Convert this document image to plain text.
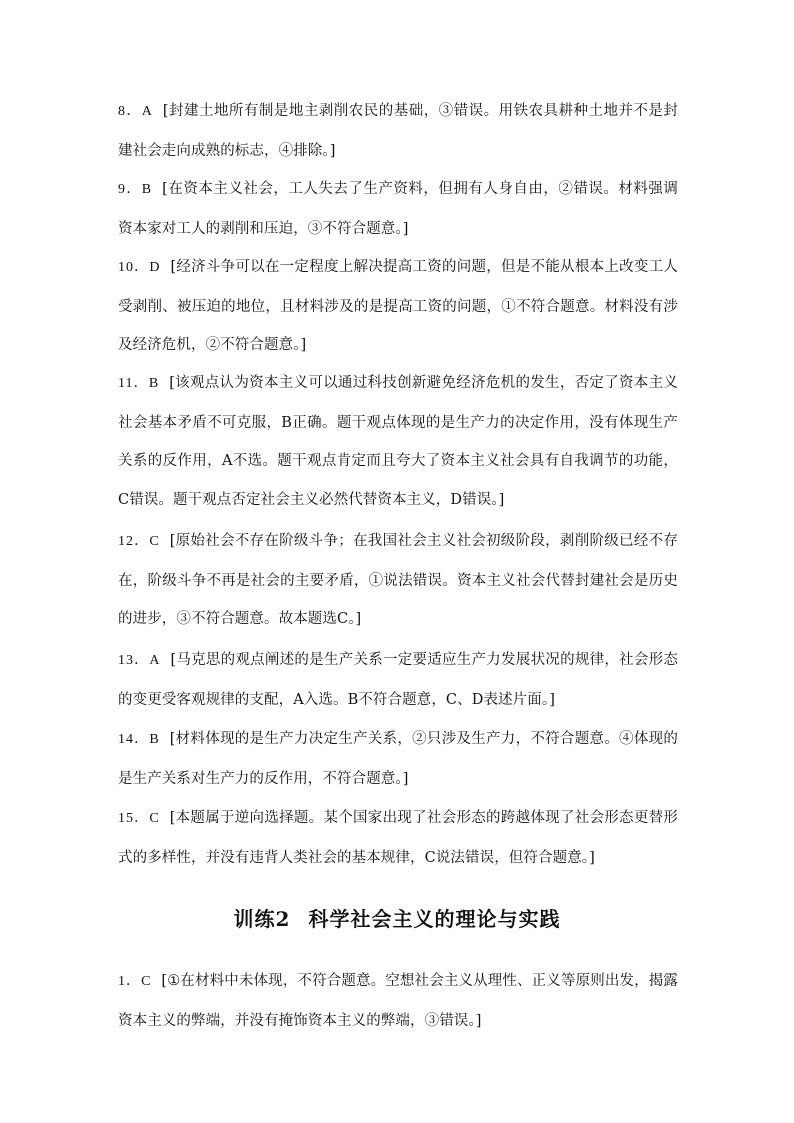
8．A [封建土地所有制是地主剥削农民的基础，③错误。用铁农具耕种土地并不是封建社会走向成熟的标志，④排除。]
9．B [在资本主义社会，工人失去了生产资料，但拥有人身自由，②错误。材料强调资本家对工人的剥削和压迫，③不符合题意。]
10．D [经济斗争可以在一定程度上解决提高工资的问题，但是不能从根本上改变工人受剥削、被压迫的地位，且材料涉及的是提高工资的问题，①不符合题意。材料没有涉及经济危机，②不符合题意。]
11．B [该观点认为资本主义可以通过科技创新避免经济危机的发生，否定了资本主义社会基本矛盾不可克服，B正确。题干观点体现的是生产力的决定作用，没有体现生产关系的反作用，A不选。题干观点肯定而且夸大了资本主义社会具有自我调节的功能，C错误。题干观点否定社会主义必然代替资本主义，D错误。]
12．C [原始社会不存在阶级斗争；在我国社会主义社会初级阶段，剥削阶级已经不存在，阶级斗争不再是社会的主要矛盾，①说法错误。资本主义社会代替封建社会是历史的进步，③不符合题意。故本题选C。]
13．A [马克思的观点阐述的是生产关系一定要适应生产力发展状况的规律，社会形态的变更受客观规律的支配，A入选。B不符合题意，C、D表述片面。]
14．B [材料体现的是生产力决定生产关系，②只涉及生产力，不符合题意。④体现的是生产关系对生产力的反作用，不符合题意。]
15．C [本题属于逆向选择题。某个国家出现了社会形态的跨越体现了社会形态更替形式的多样性，并没有违背人类社会的基本规律，C说法错误，但符合题意。]
训练2 科学社会主义的理论与实践
1．C [①在材料中未体现，不符合题意。空想社会主义从理性、正义等原则出发，揭露资本主义的弊端，并没有掩饰资本主义的弊端，③错误。]
